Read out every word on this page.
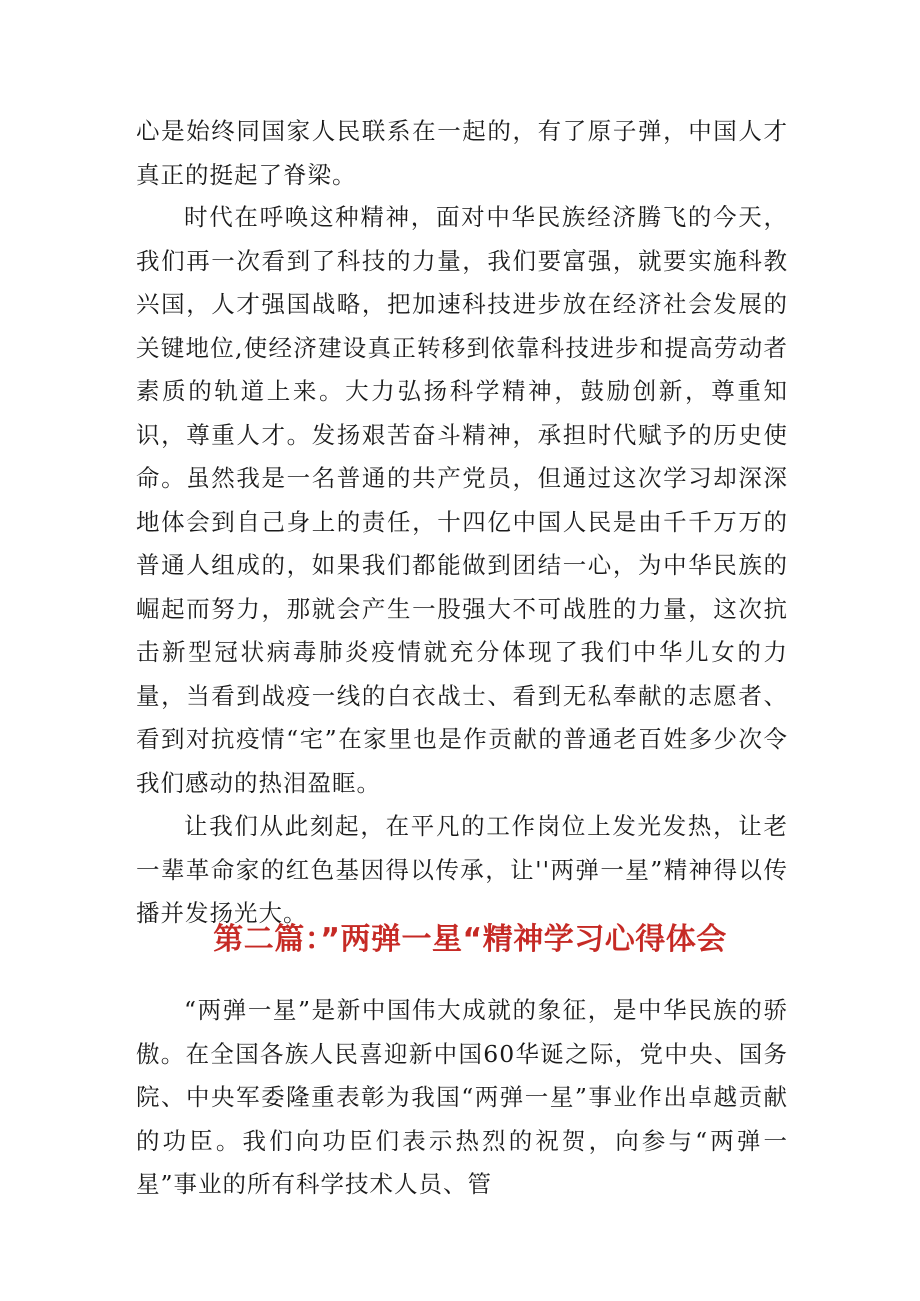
心是始终同国家人民联系在一起的，有了原子弹，中国人才真正的挺起了脊梁。

时代在呼唤这种精神，面对中华民族经济腾飞的今天，我们再一次看到了科技的力量，我们要富强，就要实施科教兴国，人才强国战略，把加速科技进步放在经济社会发展的关键地位,使经济建设真正转移到依靠科技进步和提高劳动者素质的轨道上来。大力弘扬科学精神，鼓励创新，尊重知识，尊重人才。发扬艰苦奋斗精神，承担时代赋予的历史使命。虽然我是一名普通的共产党员，但通过这次学习却深深地体会到自己身上的责任，十四亿中国人民是由千千万万的普通人组成的，如果我们都能做到团结一心，为中华民族的崛起而努力，那就会产生一股强大不可战胜的力量，这次抗击新型冠状病毒肺炎疫情就充分体现了我们中华儿女的力量，当看到战疫一线的白衣战士、看到无私奉献的志愿者、看到对抗疫情“宅”在家里也是作贡献的普通老百姓多少次令我们感动的热泪盈眶。

让我们从此刻起，在平凡的工作岗位上发光发热，让老一辈革命家的红色基因得以传承，让''两弹一星”精神得以传播并发扬光大。

第二篇：”两弹一星“精神学习心得体会

“两弹一星”是新中国伟大成就的象征，是中华民族的骄傲。在全国各族人民喜迎新中国60华诞之际，党中央、国务院、中央军委隆重表彰为我国“两弹一星”事业作出卓越贡献的功臣。我们向功臣们表示热烈的祝贺，向参与“两弹一星”事业的所有科学技术人员、管
